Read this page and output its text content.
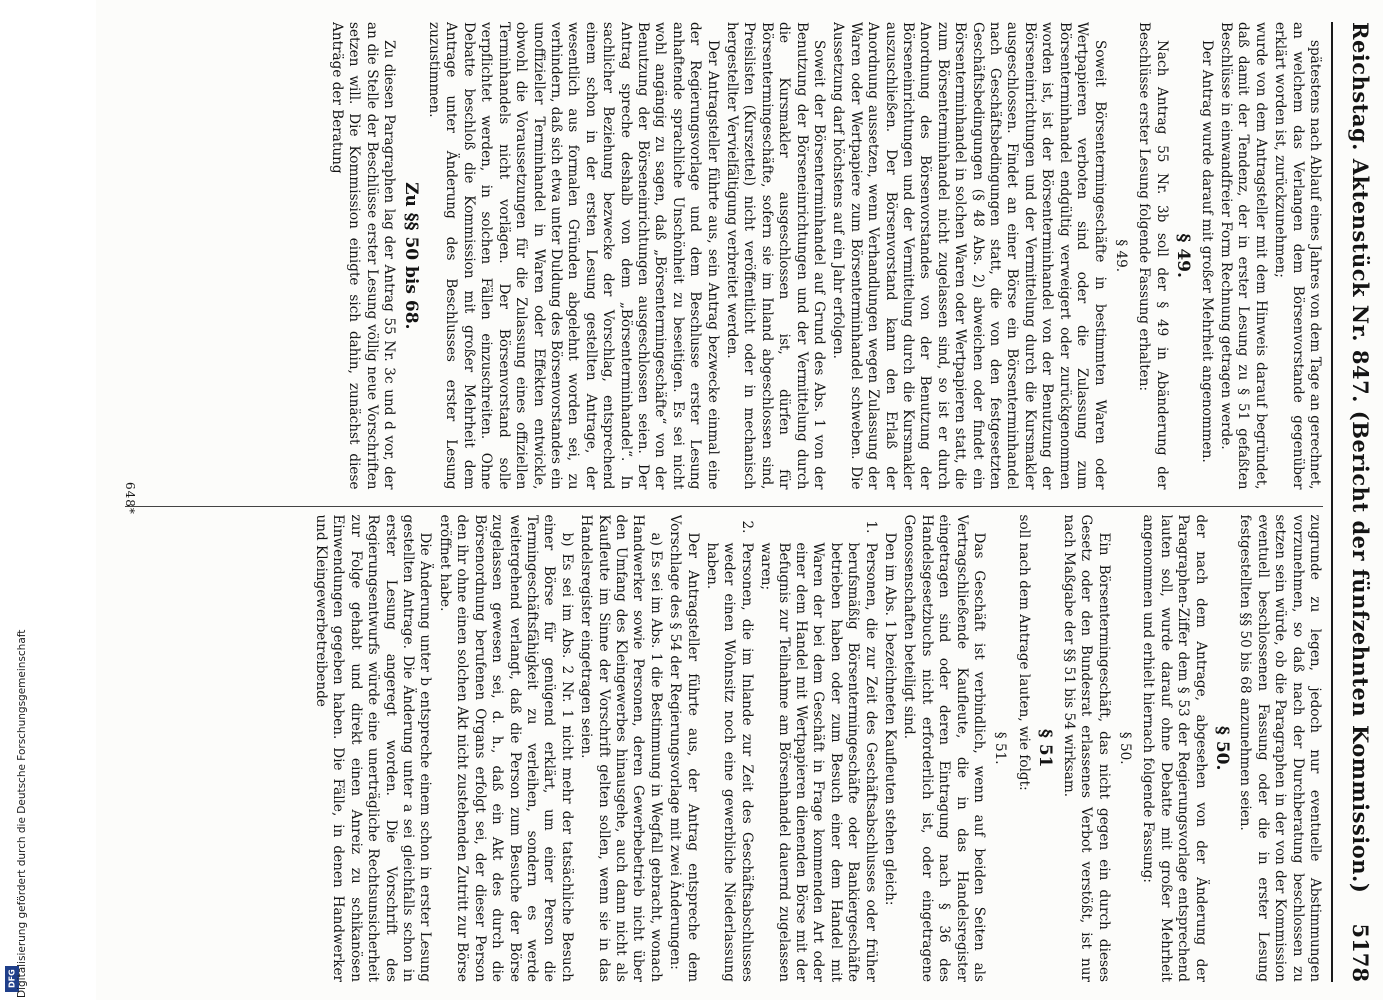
DFG Digitalisierung gefördert durch die Deutsche Forschungsgemeinschaft	Reichstag. Aktenstück Nr. 847. (Bericht der fünfzehnten Kommission.)
5178

spätestens nach Ablauf eines Jahres von dem Tage an gerechnet, an welchem das Verlangen dem Börsenvorstande gegenüber erklärt worden ist, zurückzunehmen;

wurde von dem Antragsteller mit dem Hinweis darauf begründet, daß damit der Tendenz, der in erster Lesung zu § 51 gefaßten Beschlüsse in einwandfreier Form Rechnung getragen werde.

Der Antrag wurde darauf mit großer Mehrheit angenommen.

§ 49.

Nach Antrag 55 Nr. 3b soll der § 49 in Abänderung der Beschlüsse erster Lesung folgende Fassung erhalten:

§ 49.

Soweit Börsentermingeschäfte in bestimmten Waren oder Wertpapieren verboten sind oder die Zulassung zum Börsenterminhandel endgültig verweigert oder zurückgenommen worden ist, ist der Börsenterminhandel von der Benutzung der Börseneinrichtungen und der Vermittelung durch die Kursmakler ausgeschlossen. Findet an einer Börse ein Börsenterminhandel nach Geschäftsbedingungen statt, die von den festgesetzten Geschäftsbedingungen (§ 48 Abs. 2) abweichen oder findet ein Börsenterminhandel in solchen Waren oder Wertpapieren statt, die zum Börsenterminhandel nicht zugelassen sind, so ist er durch Anordnung des Börsenvorstandes von der Benutzung der Börseneinrichtungen und der Vermittelung durch die Kursmakler auszuschließen. Der Börsenvorstand kann den Erlaß der Anordnung aussetzen, wenn Verhandlungen wegen Zulassung der Waren oder Wertpapiere zum Börsenterminhandel schweben. Die Aussetzung darf höchstens auf ein Jahr erfolgen.

Soweit der Börsenterminhandel auf Grund des Abs. 1 von der Benutzung der Börseneinrichtungen und der Vermittelung durch die Kursmakler ausgeschlossen ist, dürfen für Börsentermingeschäfte, sofern sie im Inland abgeschlossen sind, Preislisten (Kurszettel) nicht veröffentlicht oder in mechanisch hergestellter Vervielfältigung verbreitet werden.

Der Antragsteller führte aus, sein Antrag bezwecke einmal eine der Regierungsvorlage und dem Beschlusse erster Lesung anhaftende sprachliche Unschönheit zu beseitigen. Es sei nicht wohl angängig zu sagen, daß „Börsentermingeschäfte“ von der Benutzung der Börseneinrichtungen ausgeschlossen seien. Der Antrag spreche deshalb von dem „Börsenterminhandel“. In sachlicher Beziehung bezwecke der Vorschlag, entsprechend einem schon in der ersten Lesung gestellten Antrage, der wesentlich aus formalen Gründen abgelehnt worden sei, zu verhindern, daß sich etwa unter Duldung des Börsenvorstandes ein unoffizieller Terminhandel in Waren oder Effekten entwickle, obwohl die Voraussetzungen für die Zulassung eines offiziellen Terminhandels nicht vorlägen. Der Börsenvorstand solle verpflichtet werden, in solchen Fällen einzuschreiten. Ohne Debatte beschloß die Kommission mit großer Mehrheit dem Antrage unter Änderung des Beschlusses erster Lesung zuzustimmen.

Zu §§ 50 bis 68.

Zu diesen Paragraphen lag der Antrag 55 Nr. 3c und d vor, der an die Stelle der Beschlüsse erster Lesung völlig neue Vorschriften setzen will. Die Kommission einigte sich dahin, zunächst diese Anträge der Beratung

zugrunde zu legen, jedoch nur eventuelle Abstimmungen vorzunehmen, so daß nach der Durchberatung beschlossen zu setzen sein würde, ob die Paragraphen in der von der Kommission eventuell beschlossenen Fassung oder die in erster Lesung festgestellten §§ 50 bis 68 anzunehmen seien.

§ 50.

der nach dem Antrage, abgesehen von der Änderung der Paragraphen-Ziffer dem § 53 der Regierungsvorlage entsprechend lauten soll, wurde darauf ohne Debatte mit großer Mehrheit angenommen und erhielt hiernach folgende Fassung:

§ 50.

Ein Börsentermingeschäft, das nicht gegen ein durch dieses Gesetz oder den Bundesrat erlassenes Verbot verstößt, ist nur nach Maßgabe der §§ 51 bis 54 wirksam.

§ 51

soll nach dem Antrage lauten, wie folgt:

§ 51.

Das Geschäft ist verbindlich, wenn auf beiden Seiten als Vertragschließende Kaufleute, die in das Handelsregister eingetragen sind oder deren Eintragung nach § 36 des Handelsgesetzbuchs nicht erforderlich ist, oder eingetragene Genossenschaften beteiligt sind.

Den im Abs. 1 bezeichneten Kaufleuten stehen gleich:

1.
Personen, die zur Zeit des Geschäftsabschlusses oder früher berufsmäßig Börsentermingeschäfte oder Bankiergeschäfte betrieben haben oder zum Besuch einer dem Handel mit Waren der bei dem Geschäft in Frage kommenden Art oder einer dem Handel mit Wertpapieren dienenden Börse mit der Befugnis zur Teilnahme am Börsenhandel dauernd zugelassen waren;

2.
Personen, die im Inlande zur Zeit des Geschäftsabschlusses weder einen Wohnsitz noch eine gewerbliche Niederlassung haben.

Der Antragsteller führte aus, der Antrag entspreche dem Vorschlage des § 54 der Regierungsvorlage mit zwei Änderungen:

a) Es sei im Abs. 1 die Bestimmung in Wegfall gebracht, wonach Handwerker sowie Personen, deren Gewerbebetrieb nicht über den Umfang des Kleingewerbes hinausgehe, auch dann nicht als Kaufleute im Sinne der Vorschrift gelten sollen, wenn sie in das Handelsregister eingetragen seien.

b) Es sei im Abs. 2 Nr. 1 nicht mehr der tatsächliche Besuch einer Börse für genügend erklärt, um einer Person die Termingeschäftsfähigkeit zu verleihen, sondern es werde weitergehend verlangt, daß die Person zum Besuche der Börse zugelassen gewesen sei, d. h., daß ein Akt des durch die Börsenordnung berufenen Organs erfolgt sei, der dieser Person den ihr ohne einen solchen Akt nicht zustehenden Zutritt zur Börse eröffnet habe.

Die Änderung unter b entspreche einem schon in erster Lesung gestellten Antrage. Die Änderung unter a sei gleichfalls schon in erster Lesung angeregt worden. Die Vorschrift des Regierungsentwurfs würde eine unerträgliche Rechtsunsicherheit zur Folge gehabt und direkt einen Anreiz zu schikanösen Einwendungen gegeben haben. Die Fälle, in denen Handwerker und Kleingewerbetreibende

648*
